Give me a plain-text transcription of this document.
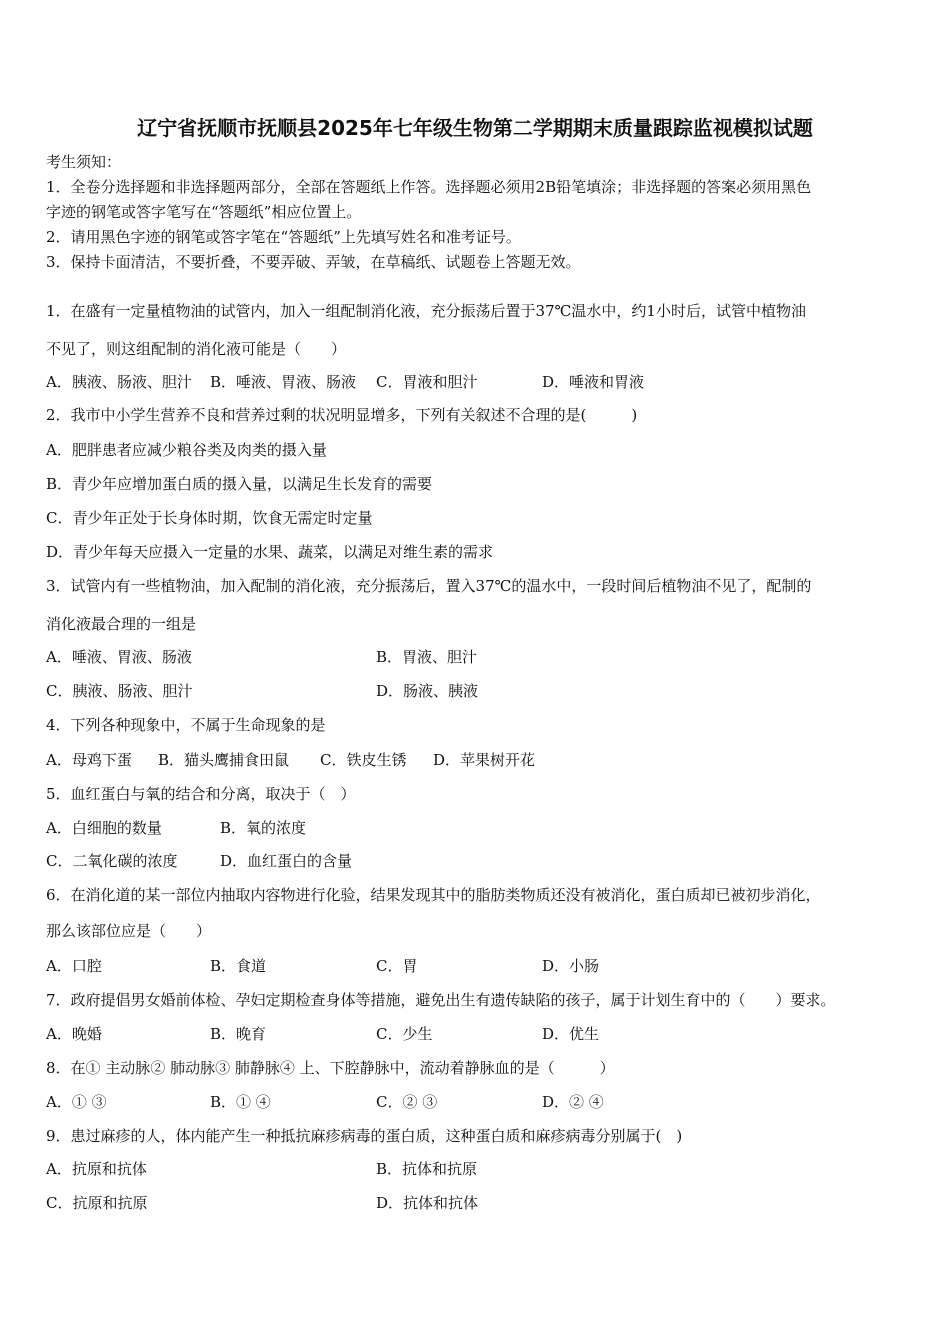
辽宁省抚顺市抚顺县2025年七年级生物第二学期期末质量跟踪监视模拟试题
考生须知：
1．全卷分选择题和非选择题两部分，全部在答题纸上作答。选择题必须用2B铅笔填涂；非选择题的答案必须用黑色
字迹的钢笔或答字笔写在“答题纸”相应位置上。
2．请用黑色字迹的钢笔或答字笔在“答题纸”上先填写姓名和准考证号。
3．保持卡面清洁，不要折叠，不要弄破、弄皱，在草稿纸、试题卷上答题无效。
1．在盛有一定量植物油的试管内，加入一组配制消化液，充分振荡后置于37℃温水中，约1小时后，试管中植物油
不见了，则这组配制的消化液可能是（　　）
A．胰液、肠液、胆汁 B．唾液、胃液、肠液 C．胃液和胆汁	D．唾液和胃液
2．我市中小学生营养不良和营养过剩的状况明显增多，下列有关叙述不合理的是(　　　)
A．肥胖患者应减少粮谷类及肉类的摄入量
B．青少年应增加蛋白质的摄入量，以满足生长发育的需要
C．青少年正处于长身体时期，饮食无需定时定量
D．青少年每天应摄入一定量的水果、蔬菜，以满足对维生素的需求
3．试管内有一些植物油，加入配制的消化液，充分振荡后，置入37℃的温水中，一段时间后植物油不见了，配制的
消化液最合理的一组是
A．唾液、胃液、肠液	B．胃液、胆汁
C．胰液、肠液、胆汁	D．肠液、胰液
4．下列各种现象中，不属于生命现象的是
A．母鸡下蛋 B．猫头鹰捕食田鼠 C．铁皮生锈 D．苹果树开花
5．血红蛋白与氧的结合和分离，取决于（　）
A．白细胞的数量	B．氧的浓度
C．二氧化碳的浓度	D．血红蛋白的含量
6．在消化道的某一部位内抽取内容物进行化验，结果发现其中的脂肪类物质还没有被消化，蛋白质却已被初步消化，
那么该部位应是（　　）
A．口腔	B．食道	C．胃	D．小肠
7．政府提倡男女婚前体检、孕妇定期检查身体等措施，避免出生有遗传缺陷的孩子，属于计划生育中的（　　）要求。
A．晚婚	B．晚育	C．少生	D．优生
8．在① 主动脉② 肺动脉③ 肺静脉④ 上、下腔静脉中，流动着静脉血的是（　　　）
A．① ③	B．① ④	C．② ③	D．② ④
9．患过麻疹的人，体内能产生一种抵抗麻疹病毒的蛋白质，这种蛋白质和麻疹病毒分别属于(　)
A．抗原和抗体	B．抗体和抗原
C．抗原和抗原	D．抗体和抗体
